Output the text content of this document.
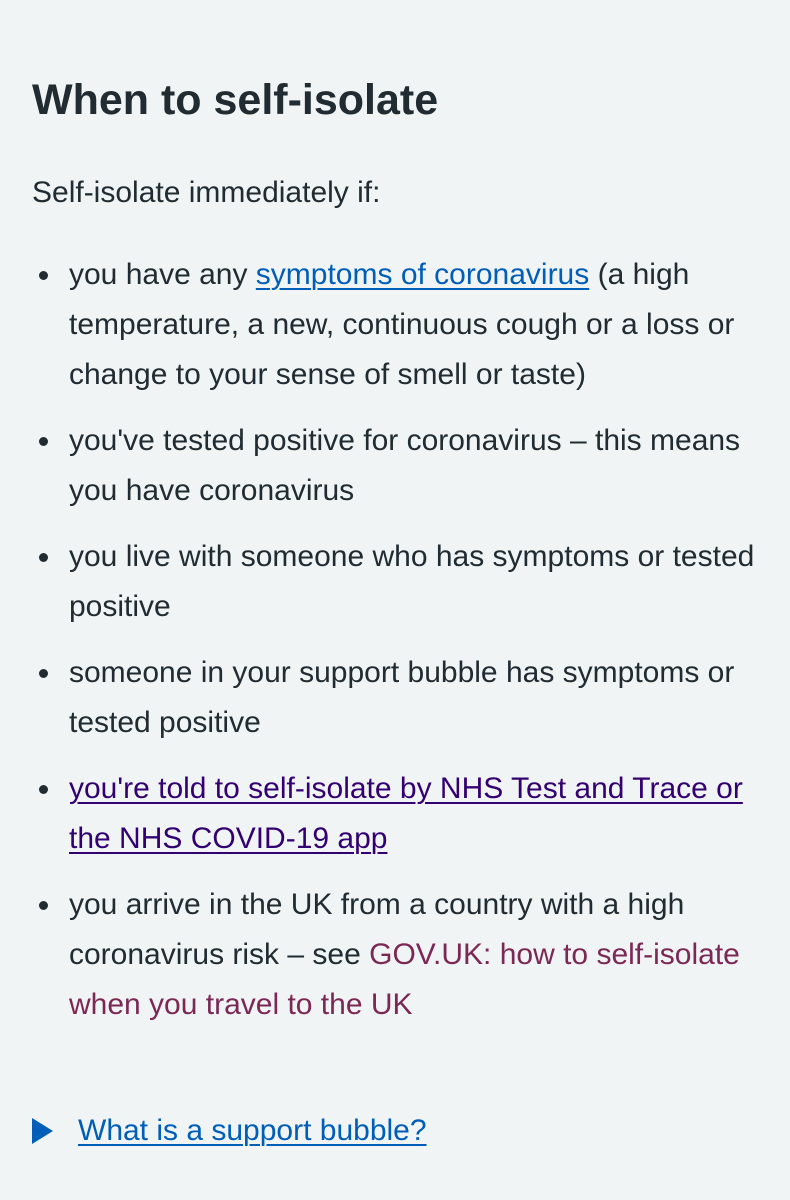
When to self-isolate

Self-isolate immediately if:

you have any symptoms of coronavirus (a high temperature, a new, continuous cough or a loss or change to your sense of smell or taste)
you've tested positive for coronavirus – this means you have coronavirus
you live with someone who has symptoms or tested positive
someone in your support bubble has symptoms or tested positive
you're told to self-isolate by NHS Test and Trace or the NHS COVID-19 app
you arrive in the UK from a country with a high coronavirus risk – see GOV.UK: how to self-isolate when you travel to the UK
What is a support bubble?
